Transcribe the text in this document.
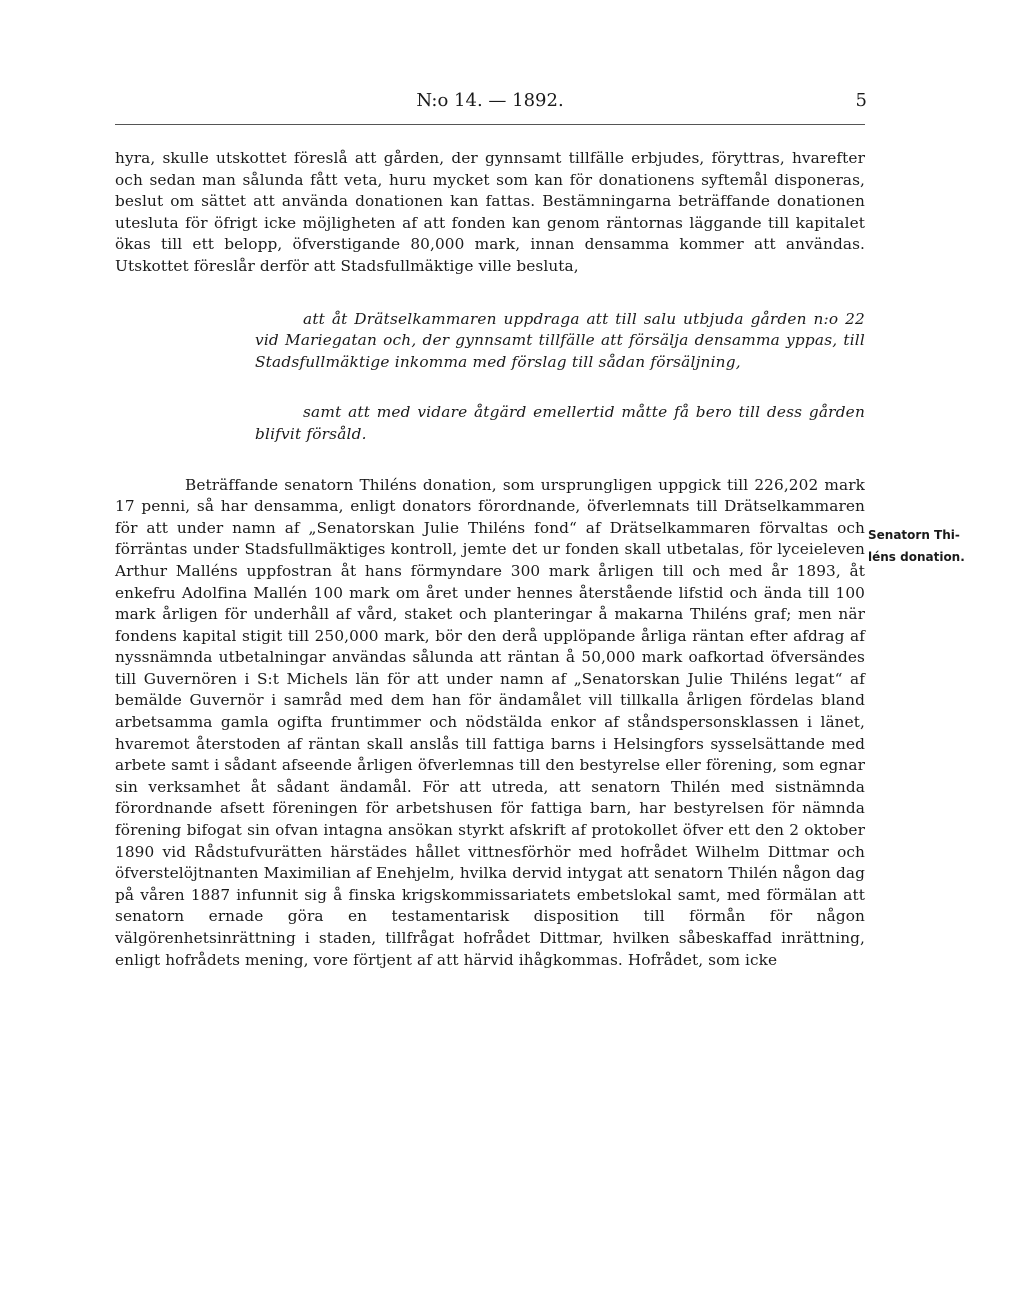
N:o 14. — 1892.	5

hyra, skulle utskottet föreslå att gården, der gynnsamt tillfälle erbjudes, föryttras, hvarefter och sedan man sålunda fått veta, huru mycket som kan för donationens syftemål disponeras, beslut om sättet att använda donationen kan fattas. Bestämningarna beträffande donationen utesluta för öfrigt icke möjligheten af att fonden kan genom räntornas läggande till kapitalet ökas till ett belopp, öfverstigande 80,000 mark, innan densamma kommer att användas. Utskottet föreslår derför att Stadsfullmäktige ville besluta,

att åt Drätselkammaren uppdraga att till salu utbjuda gården n:o 22 vid Mariegatan och, der gynnsamt tillfälle att försälja densamma yppas, till Stadsfullmäktige inkomma med förslag till sådan försäljning,

samt att med vidare åtgärd emellertid måtte få bero till dess gården blifvit försåld.

Beträffande senatorn Thiléns donation, som ursprungligen uppgick till 226,202 mark 17 penni, så har densamma, enligt donators förordnande, öfverlemnats till Drätselkammaren för att under namn af „Senatorskan Julie Thiléns fond“ af Drätselkammaren förvaltas och förräntas under Stadsfullmäktiges kontroll, jemte det ur fonden skall utbetalas, för lyceieleven Arthur Malléns uppfostran åt hans förmyndare 300 mark årligen till och med år 1893, åt enkefru Adolfina Mallén 100 mark om året under hennes återstående lifstid och ända till 100 mark årligen för underhåll af vård, staket och planteringar å makarna Thiléns graf; men när fondens kapital stigit till 250,000 mark, bör den derå upplöpande årliga räntan efter afdrag af nyssnämnda utbetalningar användas sålunda att räntan å 50,000 mark oafkortad öfversändes till Guvernören i S:t Michels län för att under namn af „Senatorskan Julie Thiléns legat“ af bemälde Guvernör i samråd med dem han för ändamålet vill tillkalla årligen fördelas bland arbetsamma gamla ogifta fruntimmer och nödstälda enkor af ståndspersonsklassen i länet, hvaremot återstoden af räntan skall anslås till fattiga barns i Helsingfors sysselsättande med arbete samt i sådant afseende årligen öfverlemnas till den bestyrelse eller förening, som egnar sin verksamhet åt sådant ändamål. För att utreda, att senatorn Thilén med sistnämnda förordnande afsett föreningen för arbetshusen för fattiga barn, har bestyrelsen för nämnda förening bifogat sin ofvan intagna ansökan styrkt afskrift af protokollet öfver ett den 2 oktober 1890 vid Rådstufvurätten härstädes hållet vittnesförhör med hofrådet Wilhelm Dittmar och öfverstelöjtnanten Maximilian af Enehjelm, hvilka dervid intygat att senatorn Thilén någon dag på våren 1887 infunnit sig å finska krigskommissariatets embetslokal samt, med förmälan att senatorn ernade göra en testamentarisk disposition till förmån för någon välgörenhetsinrättning i staden, tillfrågat hofrådet Dittmar, hvilken såbeskaffad inrättning, enligt hofrådets mening, vore förtjent af att härvid ihågkommas. Hofrådet, som icke

Senatorn Thi-
léns donation.
